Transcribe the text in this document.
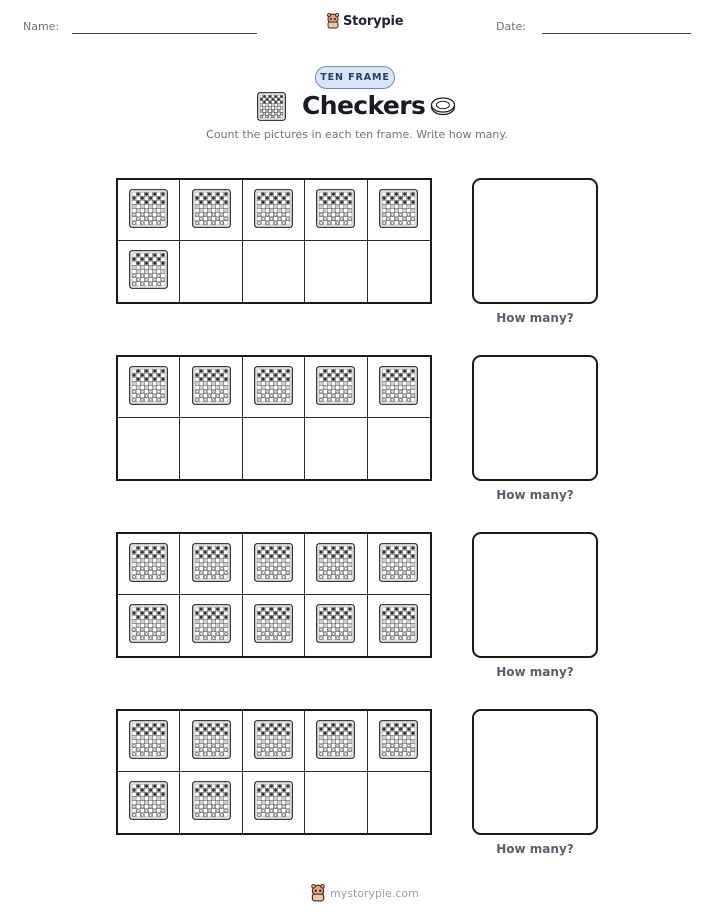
Name:	Storypie	Date:
TEN FRAME
Checkers
Count the pictures in each ten frame. Write how many.
How many?
How many?
How many?
How many?
mystorypie.com
